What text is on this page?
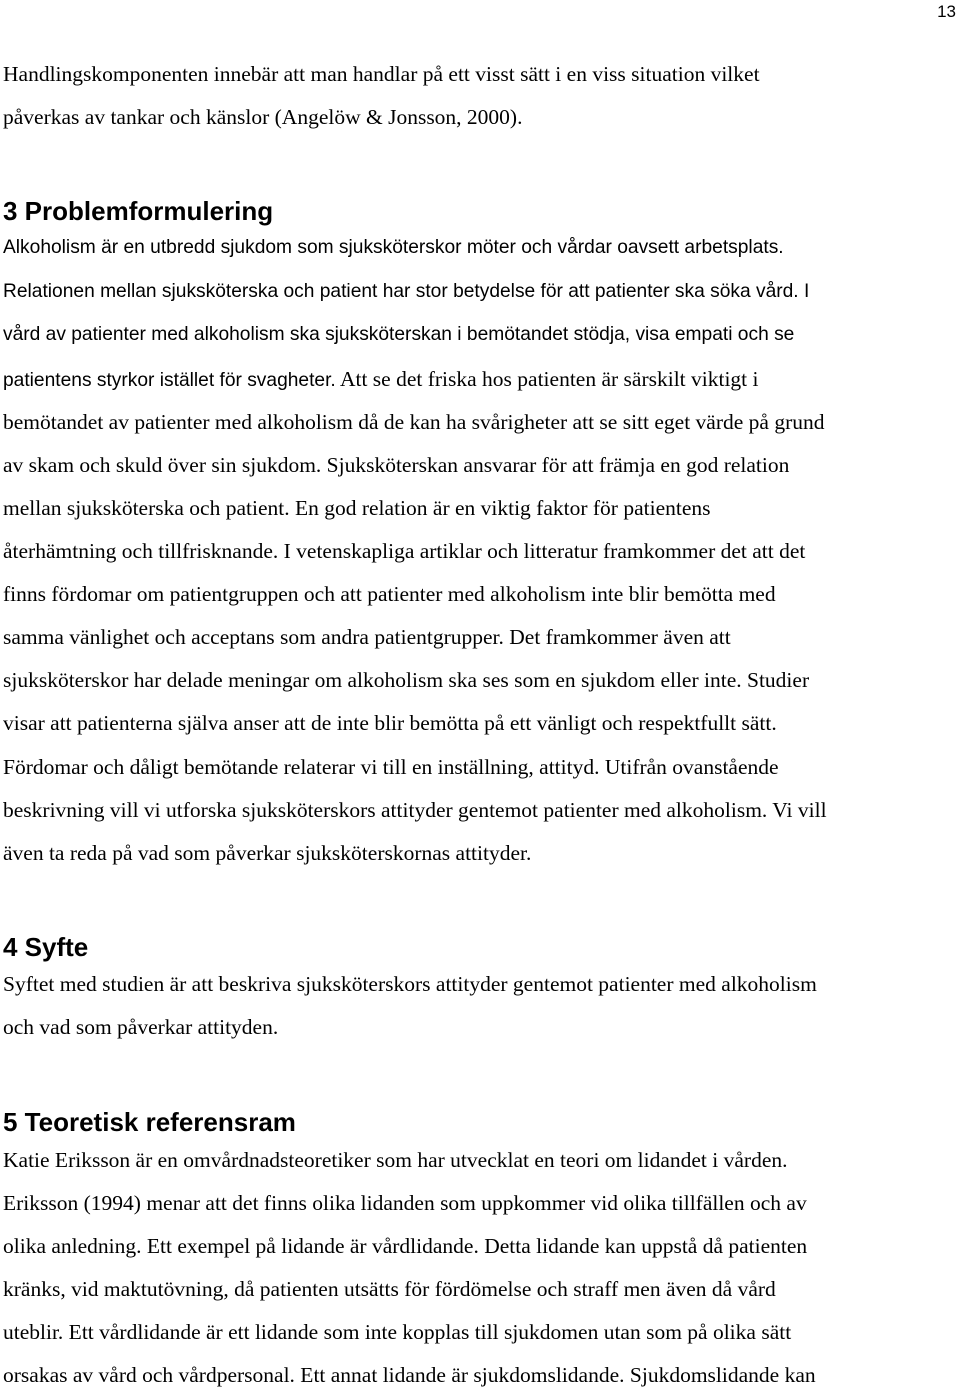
13

Handlingskomponenten innebär att man handlar på ett visst sätt i en viss situation vilket

påverkas av tankar och känslor (Angelöw & Jonsson, 2000).

3 Problemformulering

Alkoholism är en utbredd sjukdom som sjuksköterskor möter och vårdar oavsett arbetsplats.

Relationen mellan sjuksköterska och patient har stor betydelse för att patienter ska söka vård. I

vård av patienter med alkoholism ska sjuksköterskan i bemötandet stödja, visa empati och se

patientens styrkor istället för svagheter. Att se det friska hos patienten är särskilt viktigt i

bemötandet av patienter med alkoholism då de kan ha svårigheter att se sitt eget värde på grund

av skam och skuld över sin sjukdom. Sjuksköterskan ansvarar för att främja en god relation

mellan sjuksköterska och patient. En god relation är en viktig faktor för patientens

återhämtning och tillfrisknande. I vetenskapliga artiklar och litteratur framkommer det att det

finns fördomar om patientgruppen och att patienter med alkoholism inte blir bemötta med

samma vänlighet och acceptans som andra patientgrupper. Det framkommer även att

sjuksköterskor har delade meningar om alkoholism ska ses som en sjukdom eller inte. Studier

visar att patienterna själva anser att de inte blir bemötta på ett vänligt och respektfullt sätt.

Fördomar och dåligt bemötande relaterar vi till en inställning, attityd. Utifrån ovanstående

beskrivning vill vi utforska sjuksköterskors attityder gentemot patienter med alkoholism. Vi vill

även ta reda på vad som påverkar sjuksköterskornas attityder.

4 Syfte

Syftet med studien är att beskriva sjuksköterskors attityder gentemot patienter med alkoholism

och vad som påverkar attityden.

5 Teoretisk referensram

Katie Eriksson är en omvårdnadsteoretiker som har utvecklat en teori om lidandet i vården.

Eriksson (1994) menar att det finns olika lidanden som uppkommer vid olika tillfällen och av

olika anledning. Ett exempel på lidande är vårdlidande. Detta lidande kan uppstå då patienten

kränks, vid maktutövning, då patienten utsätts för fördömelse och straff men även då vård

uteblir. Ett vårdlidande är ett lidande som inte kopplas till sjukdomen utan som på olika sätt

orsakas av vård och vårdpersonal. Ett annat lidande är sjukdomslidande. Sjukdomslidande kan
